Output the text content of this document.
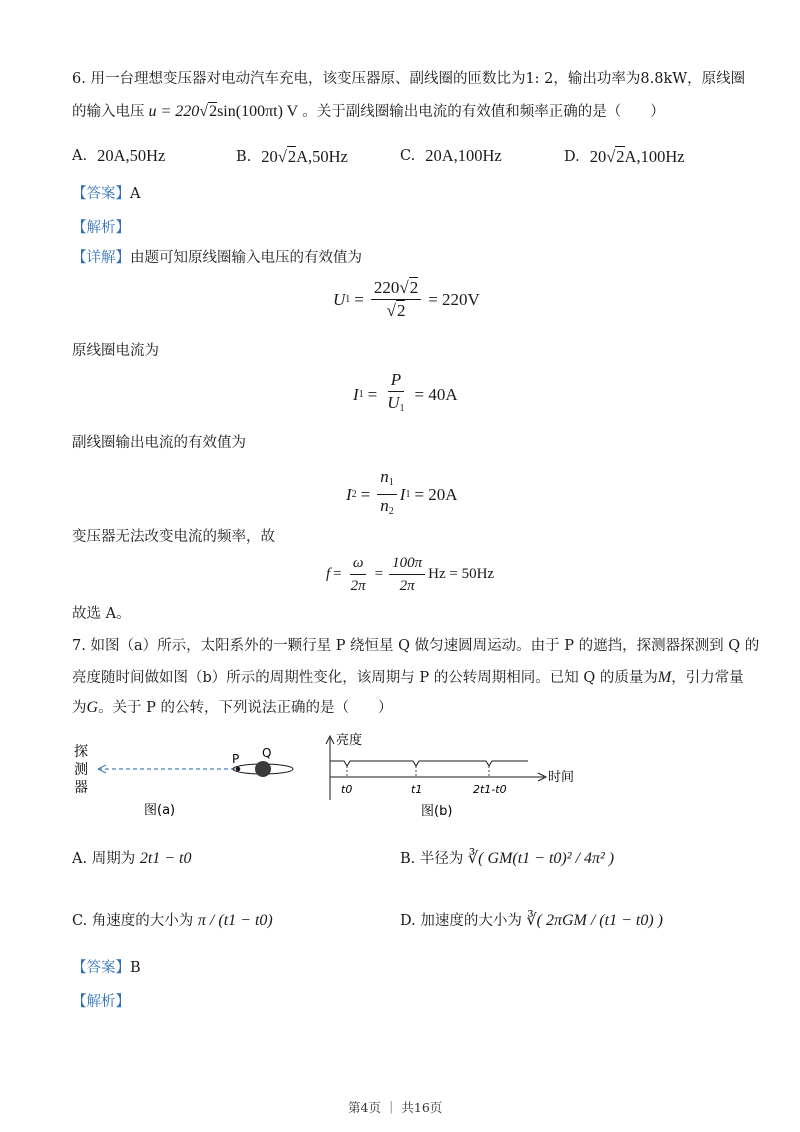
6. 用一台理想变压器对电动汽车充电，该变压器原、副线圈的匝数比为1: 2，输出功率为8.8kW，原线圈
的输入电压 u = 220 √2 sin(100πt) V 。关于副线圈输出电流的有效值和频率正确的是（　　）
A. 20A,50Hz	B. 20 √ 2 A,50Hz	C. 20A,100Hz	D. 20 √ 2 A,100Hz
【答案】A
【解析】
【详解】由题可知原线圈输入电压的有效值为
U $1 = \frac{220√2}{√2} = 220V$
原线圈电流为
I $1 = \frac{P}{U_1} = 40A$
副线圈输出电流的有效值为
I $2 = \frac{n_1}{n_2}$ I 1 = 20A
变压器无法改变电流的频率，故
$f = \frac{\omega}{2\pi} = \frac{100\pi}{2\pi}$ Hz = 50Hz
故选 A。
7. 如图（a）所示，太阳系外的一颗行星 P 绕恒星 Q 做匀速圆周运动。由于 P 的遮挡，探测器探测到 Q 的
亮度随时间做如图（b）所示的周期性变化，该周期与 P 的公转周期相同。已知 Q 的质量为M，引力常量
为G。关于 P 的公转，下列说法正确的是（　　）
探
测
器
P Q
图(a)
亮度
时间
t0	t1	2t1-t0
图(b)
A. 周期为 2t1 − t0	B. 半径为 ∛( GM(t1 − t0)² / 4π² )
C. 角速度的大小为 π / (t1 − t0)	D. 加速度的大小为 ∛( 2πGM / (t1 − t0) )
【答案】B
【解析】
第4页 ｜ 共16页
